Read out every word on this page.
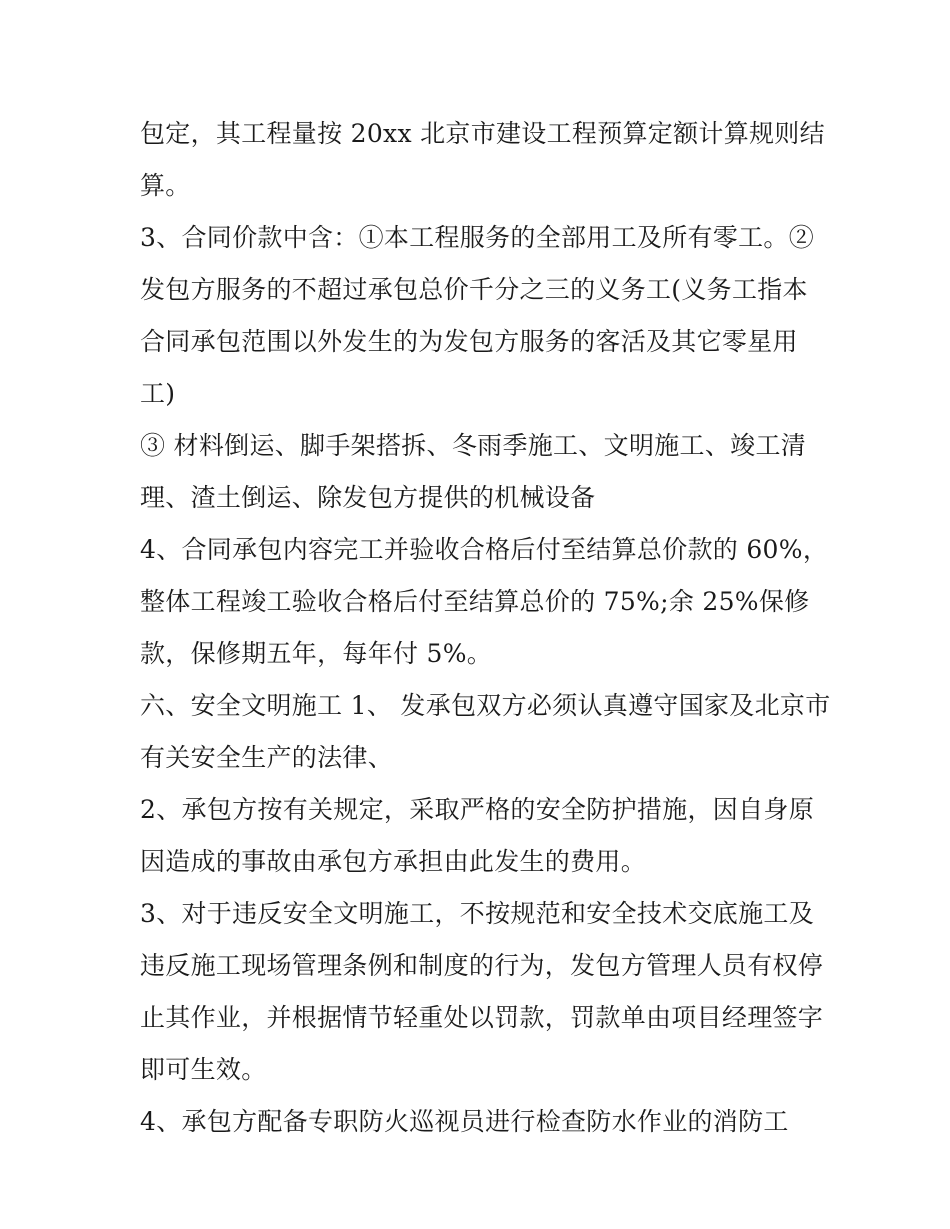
包定，其工程量按 20xx 北京市建设工程预算定额计算规则结
算。
3、合同价款中含：①本工程服务的全部用工及所有零工。②
发包方服务的不超过承包总价千分之三的义务工(义务工指本
合同承包范围以外发生的为发包方服务的客活及其它零星用
工)
③ 材料倒运、脚手架搭拆、冬雨季施工、文明施工、竣工清
理、渣土倒运、除发包方提供的机械设备
4、合同承包内容完工并验收合格后付至结算总价款的 60%，
整体工程竣工验收合格后付至结算总价的 75%;余 25%保修
款，保修期五年，每年付 5%。
六、安全文明施工 1、 发承包双方必须认真遵守国家及北京市
有关安全生产的法律、
2、承包方按有关规定，采取严格的安全防护措施，因自身原
因造成的事故由承包方承担由此发生的费用。
3、对于违反安全文明施工，不按规范和安全技术交底施工及
违反施工现场管理条例和制度的行为，发包方管理人员有权停
止其作业，并根据情节轻重处以罚款，罚款单由项目经理签字
即可生效。
4、承包方配备专职防火巡视员进行检查防水作业的消防工
